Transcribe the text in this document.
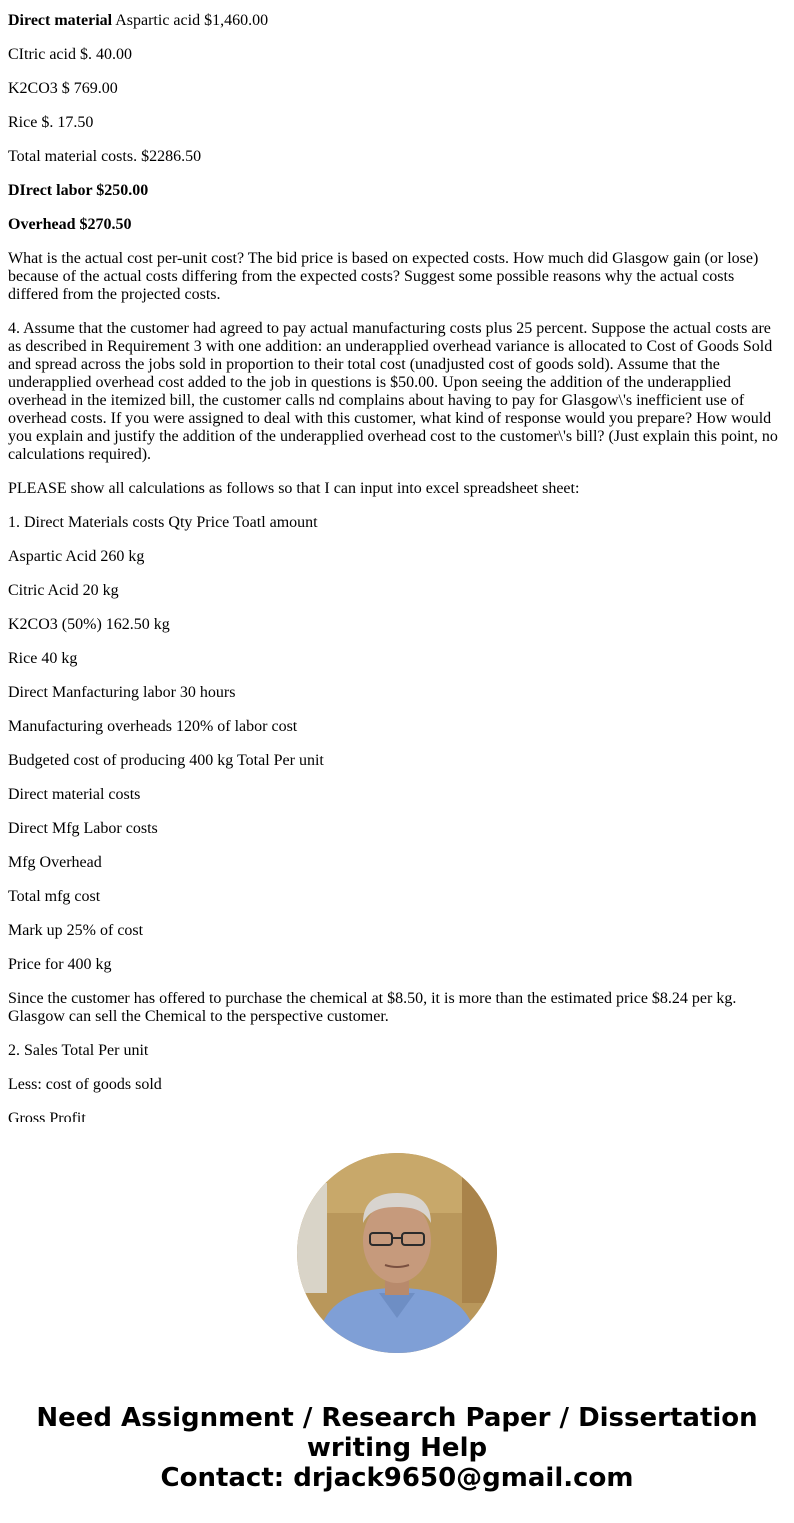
Direct material Aspartic acid $1,460.00

CItric acid $. 40.00

K2CO3 $ 769.00

Rice $. 17.50

Total material costs. $2286.50

DIrect labor $250.00

Overhead $270.50

What is the actual cost per-unit cost? The bid price is based on expected costs. How much did Glasgow gain (or lose) because of the actual costs differing from the expected costs? Suggest some possible reasons why the actual costs differed from the projected costs.

4. Assume that the customer had agreed to pay actual manufacturing costs plus 25 percent. Suppose the actual costs are as described in Requirement 3 with one addition: an underapplied overhead variance is allocated to Cost of Goods Sold and spread across the jobs sold in proportion to their total cost (unadjusted cost of goods sold). Assume that the underapplied overhead cost added to the job in questions is $50.00. Upon seeing the addition of the underapplied overhead in the itemized bill, the customer calls nd complains about having to pay for Glasgow\'s inefficient use of overhead costs. If you were assigned to deal with this customer, what kind of response would you prepare? How would you explain and justify the addition of the underapplied overhead cost to the customer\'s bill? (Just explain this point, no calculations required).

PLEASE show all calculations as follows so that I can input into excel spreadsheet sheet:

1. Direct Materials costs Qty Price Toatl amount

Aspartic Acid 260 kg

Citric Acid 20 kg

K2CO3 (50%) 162.50 kg

Rice 40 kg

Direct Manfacturing labor 30 hours

Manufacturing overheads 120% of labor cost

Budgeted cost of producing 400 kg Total Per unit

Direct material costs

Direct Mfg Labor costs

Mfg Overhead

Total mfg cost

Mark up 25% of cost

Price for 400 kg

Since the customer has offered to purchase the chemical at $8.50, it is more than the estimated price $8.24 per kg. Glasgow can sell the Chemical to the perspective customer.

2. Sales Total Per unit

Less: cost of goods sold

Gross Profit

Need Assignment / Research Paper / Dissertation
writing Help
Contact: drjack9650@gmail.com
